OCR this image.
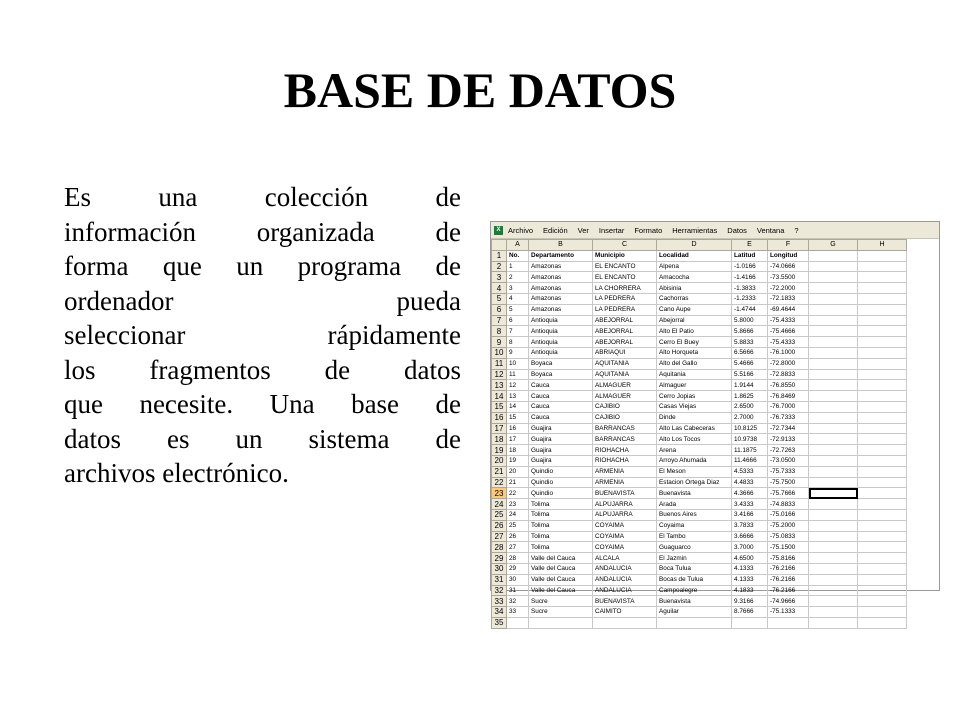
BASE DE DATOS
Es una colección de
información organizada de
forma que un programa de
ordenador pueda
seleccionar rápidamente
los fragmentos de datos
que necesite. Una base de
datos es un sistema de
archivos electrónico.
X	Archivo Edición Ver Insertar Formato Herramientas Datos Ventana ?
	A	B	C	D	E	F	G	H
1	No.	Departamento	Municipio	Localidad	Latitud	Longitud		
2	1	Amazonas	EL ENCANTO	Alpena	-1.0166	-74.0666		
3	2	Amazonas	EL ENCANTO	Amacocha	-1.4166	-73.5500		
4	3	Amazonas	LA CHORRERA	Abisinia	-1.3833	-72.2000		
5	4	Amazonas	LA PEDRERA	Cachorras	-1.2333	-72.1833		
6	5	Amazonas	LA PEDRERA	Cano Aupe	-1.4744	-69.4644		
7	6	Antioquia	ABEJORRAL	Abejorral	5.8000	-75.4333		
8	7	Antioquia	ABEJORRAL	Alto El Patio	5.8666	-75.4666		
9	8	Antioquia	ABEJORRAL	Cerro El Buey	5.8833	-75.4333		
10	9	Antioquia	ABRIAQUI	Alto Horqueta	6.5666	-76.1000		
11	10	Boyaca	AQUITANIA	Alto del Gallo	5.4666	-72.8000		
12	11	Boyaca	AQUITANIA	Aquitania	5.5166	-72.8833		
13	12	Cauca	ALMAGUER	Almaguer	1.9144	-76.8550		
14	13	Cauca	ALMAGUER	Cerro Jopias	1.8625	-76.8469		
15	14	Cauca	CAJIBIO	Casas Viejas	2.6500	-76.7000		
16	15	Cauca	CAJIBIO	Dinde	2.7000	-76.7333		
17	16	Guajira	BARRANCAS	Alto Las Cabeceras	10.8125	-72.7344		
18	17	Guajira	BARRANCAS	Alto Los Tocos	10.9738	-72.9133		
19	18	Guajira	RIOHACHA	Arena	11.1875	-72.7263		
20	19	Guajira	RIOHACHA	Arroyo Ahumada	11.4666	-73.0500		
21	20	Quindio	ARMENIA	El Meson	4.5333	-75.7333		
22	21	Quindio	ARMENIA	Estacion Ortega Diaz	4.4833	-75.7500		
23	22	Quindio	BUENAVISTA	Buenavista	4.3666	-75.7666		
24	23	Tolima	ALPUJARRA	Arada	3.4333	-74.8833		
25	24	Tolima	ALPUJARRA	Buenos Aires	3.4166	-75.0166		
26	25	Tolima	COYAIMA	Coyaima	3.7833	-75.2000		
27	26	Tolima	COYAIMA	El Tambo	3.6666	-75.0833		
28	27	Tolima	COYAIMA	Guaguarco	3.7000	-75.1500		
29	28	Valle del Cauca	ALCALA	El Jazmin	4.6500	-75.8166		
30	29	Valle del Cauca	ANDALUCIA	Boca Tulua	4.1333	-76.2166		
31	30	Valle del Cauca	ANDALUCIA	Bocas de Tulua	4.1333	-76.2166		
32	31	Valle del Cauca	ANDALUCIA	Campoalegre	4.1833	-76.2166		
33	32	Sucre	BUENAVISTA	Buenavista	9.3166	-74.9666		
34	33	Sucre	CAIMITO	Aguilar	8.7666	-75.1333		
35								
